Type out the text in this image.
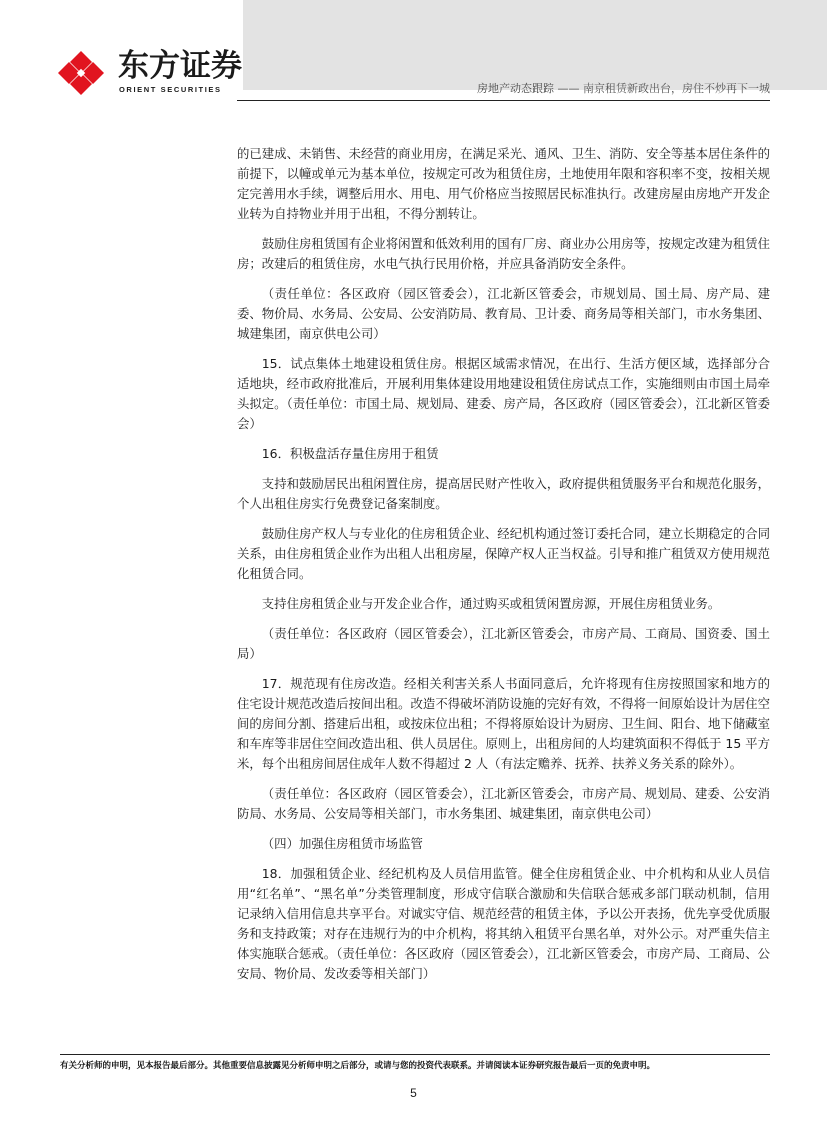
东方证券
ORIENT SECURITIES	房地产动态跟踪 —— 南京租赁新政出台，房住不炒再下一城

的已建成、未销售、未经营的商业用房，在满足采光、通风、卫生、消防、安全等基本居住条件的前提下，以幢或单元为基本单位，按规定可改为租赁住房，土地使用年限和容积率不变，按相关规定完善用水手续，调整后用水、用电、用气价格应当按照居民标准执行。改建房屋由房地产开发企业转为自持物业并用于出租，不得分割转让。

鼓励住房租赁国有企业将闲置和低效利用的国有厂房、商业办公用房等，按规定改建为租赁住房；改建后的租赁住房，水电气执行民用价格，并应具备消防安全条件。

（责任单位：各区政府（园区管委会），江北新区管委会，市规划局、国土局、房产局、建委、物价局、水务局、公安局、公安消防局、教育局、卫计委、商务局等相关部门，市水务集团、城建集团，南京供电公司）

15．试点集体土地建设租赁住房。根据区域需求情况，在出行、生活方便区域，选择部分合适地块，经市政府批准后，开展利用集体建设用地建设租赁住房试点工作，实施细则由市国土局牵头拟定。（责任单位：市国土局、规划局、建委、房产局，各区政府（园区管委会），江北新区管委会）

16．积极盘活存量住房用于租赁

支持和鼓励居民出租闲置住房，提高居民财产性收入，政府提供租赁服务平台和规范化服务，个人出租住房实行免费登记备案制度。

鼓励住房产权人与专业化的住房租赁企业、经纪机构通过签订委托合同，建立长期稳定的合同关系，由住房租赁企业作为出租人出租房屋，保障产权人正当权益。引导和推广租赁双方使用规范化租赁合同。

支持住房租赁企业与开发企业合作，通过购买或租赁闲置房源，开展住房租赁业务。

（责任单位：各区政府（园区管委会），江北新区管委会，市房产局、工商局、国资委、国土局）

17．规范现有住房改造。经相关利害关系人书面同意后，允许将现有住房按照国家和地方的住宅设计规范改造后按间出租。改造不得破坏消防设施的完好有效，不得将一间原始设计为居住空间的房间分割、搭建后出租，或按床位出租；不得将原始设计为厨房、卫生间、阳台、地下储藏室和车库等非居住空间改造出租、供人员居住。原则上，出租房间的人均建筑面积不得低于 15 平方米，每个出租房间居住成年人数不得超过 2 人（有法定赡养、抚养、扶养义务关系的除外）。

（责任单位：各区政府（园区管委会），江北新区管委会，市房产局、规划局、建委、公安消防局、水务局、公安局等相关部门，市水务集团、城建集团，南京供电公司）

（四）加强住房租赁市场监管

18．加强租赁企业、经纪机构及人员信用监管。健全住房租赁企业、中介机构和从业人员信用“红名单”、“黑名单”分类管理制度，形成守信联合激励和失信联合惩戒多部门联动机制，信用记录纳入信用信息共享平台。对诚实守信、规范经营的租赁主体，予以公开表扬，优先享受优质服务和支持政策；对存在违规行为的中介机构，将其纳入租赁平台黑名单，对外公示。对严重失信主体实施联合惩戒。（责任单位：各区政府（园区管委会），江北新区管委会，市房产局、工商局、公安局、物价局、发改委等相关部门）

有关分析师的申明，见本报告最后部分。其他重要信息披露见分析师申明之后部分，或请与您的投资代表联系。并请阅读本证券研究报告最后一页的免责申明。
5
